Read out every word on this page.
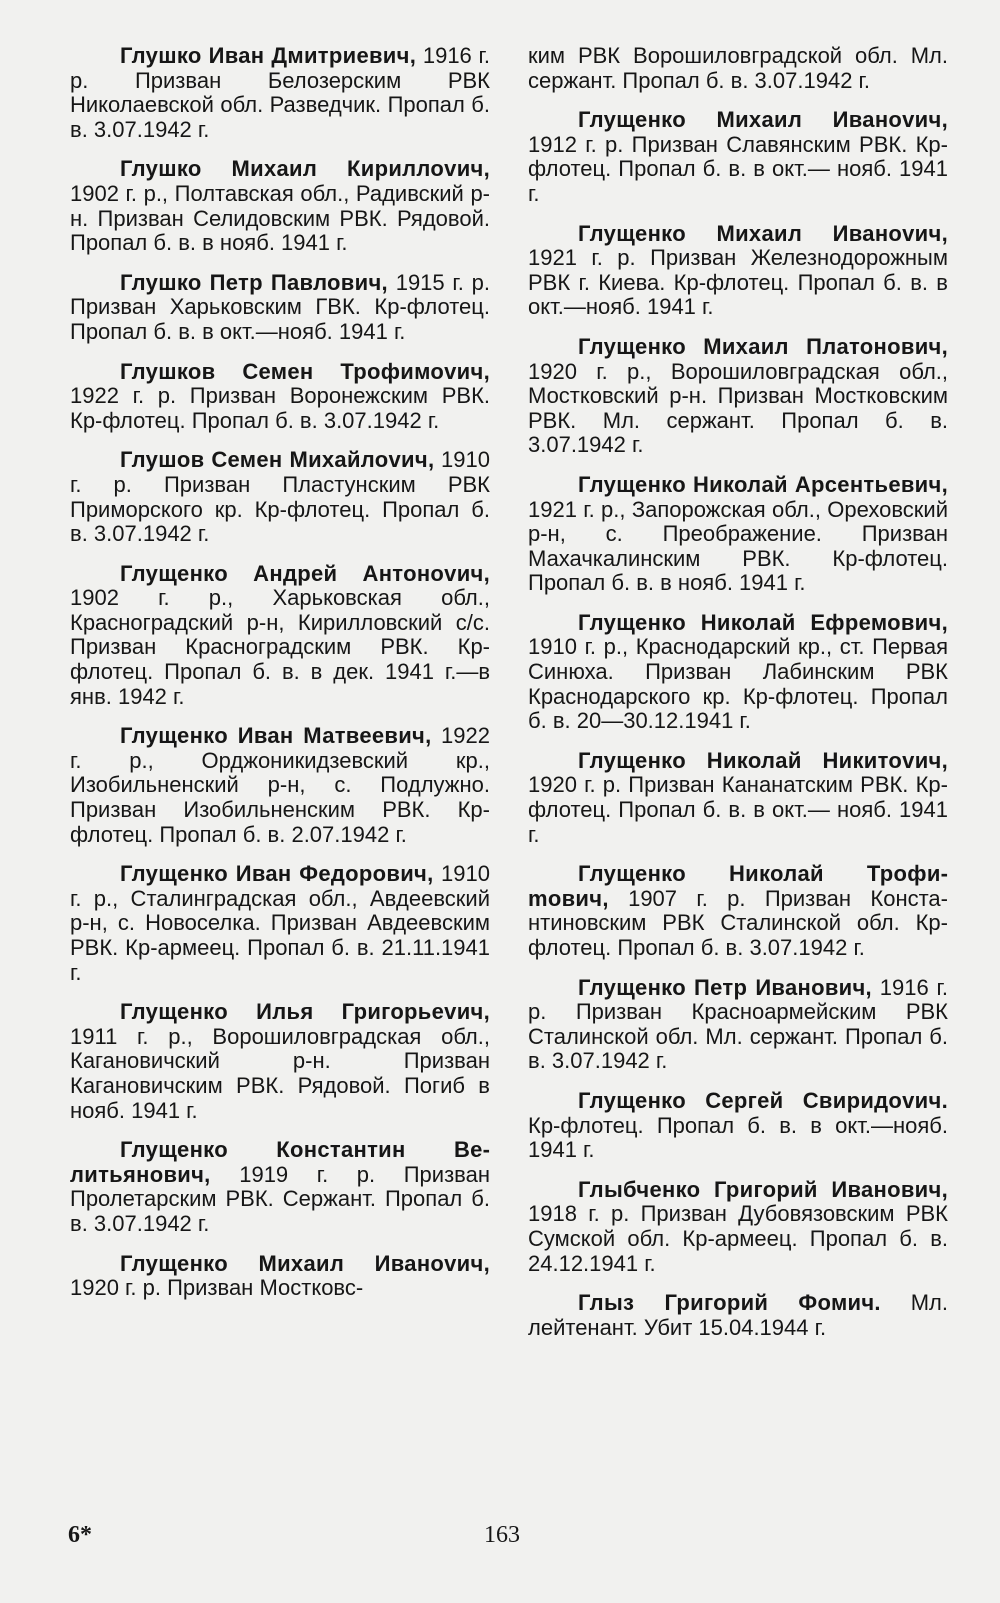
Глушко Иван Дмитриевич, 1916 г. р. Призван Белозерским РВК Николаевской обл. Разведчик. Пропал б. в. 3.07.1942 г.

Глушко Михаил Кириллоvич, 1902 г. р., Полтавская обл., Радивский р-н. Призван Селидовским РВК. Рядовой. Пропал б. в. в нояб. 1941 г.

Глушко Петр Павлович, 1915 г. р. Призван Харьковским ГВК. Кр-флотец. Пропал б. в. в окт.—нояб. 1941 г.

Глушков Семен Трофимоvич, 1922 г. р. Призван Воронежским РВК. Кр-флотец. Пропал б. в. 3.07.1942 г.

Глушов Семен Михайлоvич, 1910 г. р. Призван Пластунским РВК Приморского кр. Кр-флотец. Пропал б. в. 3.07.1942 г.

Глущенко Андрей Антоноvич, 1902 г. р., Харьковская обл., Красноградский р-н, Кирилловский с/с. Призван Красноградским РВК. Кр-флотец. Пропал б. в. в дек. 1941 г.—в янв. 1942 г.

Глущенко Иван Матвеевич, 1922 г. р., Орджоникидзевский кр., Изобильненский р-н, с. Подлужно. Призван Изобильненским РВК. Кр-флотец. Пропал б. в. 2.07.1942 г.

Глущенко Иван Федорович, 1910 г. р., Сталинградская обл., Авдеевский р-н, с. Новоселка. Призван Авдеевским РВК. Кр-армеец. Пропал б. в. 21.11.1941 г.

Глущенко Илья Григорьеvич, 1911 г. р., Ворошиловградская обл., Кагановичский р-н. Призван Кагановичским РВК. Рядовой. Погиб в нояб. 1941 г.

Глущенко Константин Велитьянович, 1919 г. р. Призван Пролетарским РВК. Сержант. Пропал б. в. 3.07.1942 г.

Глущенко Михаил Иваноvич, 1920 г. р. Призван Мостковс-

ким РВК Ворошиловградской обл. Мл. сержант. Пропал б. в. 3.07.1942 г.

Глущенко Михаил Иваноvич, 1912 г. р. Призван Славянским РВК. Кр-флотец. Пропал б. в. в окт.— нояб. 1941 г.

Глущенко Михаил Иваноvич, 1921 г. р. Призван Железнодорожным РВК г. Киева. Кр-флотец. Пропал б. в. в окт.—нояб. 1941 г.

Глущенко Михаил Платонович, 1920 г. р., Ворошиловградская обл., Мостковский р-н. Призван Мостковским РВК. Мл. сержант. Пропал б. в. 3.07.1942 г.

Глущенко Николай Арсентьевич, 1921 г. р., Запорожская обл., Ореховский р-н, с. Преображение. Призван Махачкалинским РВК. Кр-флотец. Пропал б. в. в нояб. 1941 г.

Глущенко Николай Ефремович, 1910 г. р., Краснодарский кр., ст. Первая Синюха. Призван Лабинским РВК Краснодарского кр. Кр-флотец. Пропал б. в. 20—30.12.1941 г.

Глущенко Николай Никитоvич, 1920 г. р. Призван Кананатским РВК. Кр-флотец. Пропал б. в. в окт.— нояб. 1941 г.

Глущенко Николай Трофиmович, 1907 г. р. Призван Константиновским РВК Сталинской обл. Кр-флотец. Пропал б. в. 3.07.1942 г.

Глущенко Петр Иванович, 1916 г. р. Призван Красноармейским РВК Сталинской обл. Мл. сержант. Пропал б. в. 3.07.1942 г.

Глущенко Сергей Свиридоvич. Кр-флотец. Пропал б. в. в окт.—нояб. 1941 г.

Глыбченко Григорий Иванович, 1918 г. р. Призван Дубовязовским РВК Сумской обл. Кр-армеец. Пропал б. в. 24.12.1941 г.

Глыз Григорий Фомич. Мл. лейтенант. Убит 15.04.1944 г.

6*	163
